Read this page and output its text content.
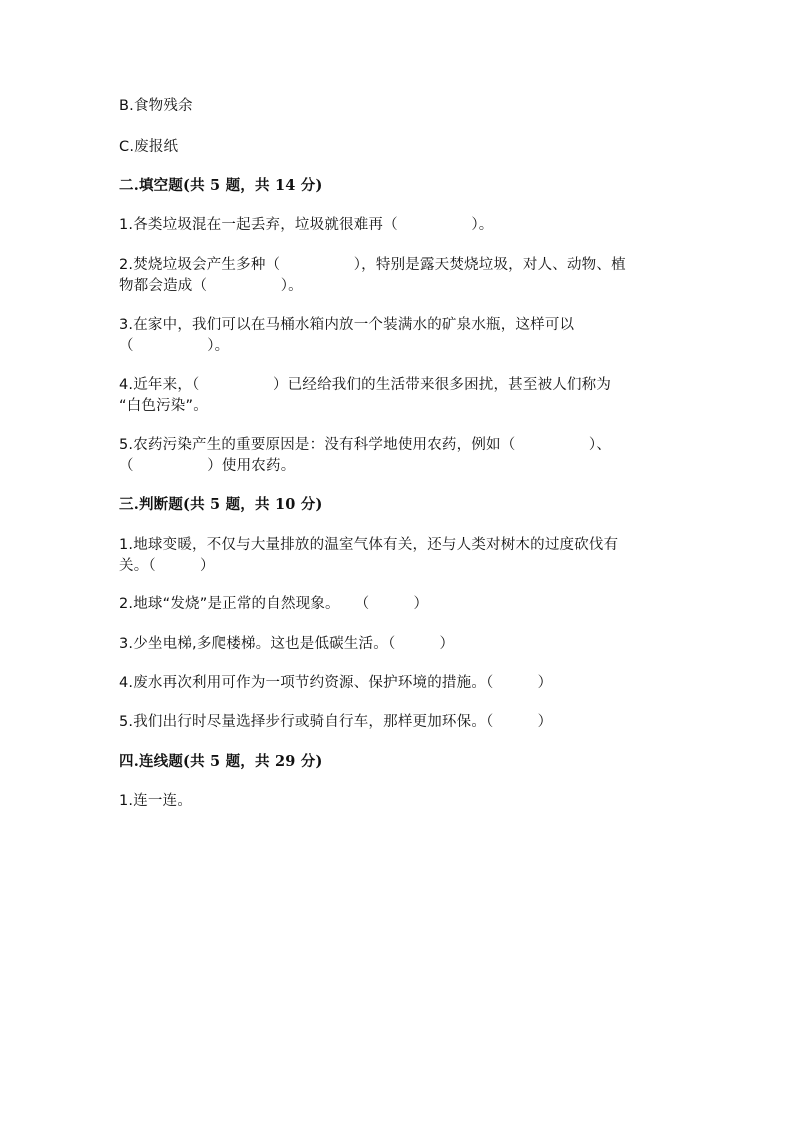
B.食物残余
C.废报纸
二.填空题(共 5 题，共 14 分)
1.各类垃圾混在一起丢弃，垃圾就很难再（　　　　　）。
2.焚烧垃圾会产生多种（　　　　　），特别是露天焚烧垃圾，对人、动物、植
物都会造成（　　　　　）。
3.在家中，我们可以在马桶水箱内放一个装满水的矿泉水瓶，这样可以
（　　　　　）。
4.近年来，（　　　　　）已经给我们的生活带来很多困扰，甚至被人们称为
“白色污染”。
5.农药污染产生的重要原因是：没有科学地使用农药，例如（　　　　　）、
（　　　　　）使用农药。
三.判断题(共 5 题，共 10 分)
1.地球变暖，不仅与大量排放的温室气体有关，还与人类对树木的过度砍伐有
关。（　　　）
2.地球“发烧”是正常的自然现象。　　（　　　）
3.少坐电梯,多爬楼梯。这也是低碳生活。（　　　）
4.废水再次利用可作为一项节约资源、保护环境的措施。（　　　）
5.我们出行时尽量选择步行或骑自行车，那样更加环保。（　　　）
四.连线题(共 5 题，共 29 分)
1.连一连。
